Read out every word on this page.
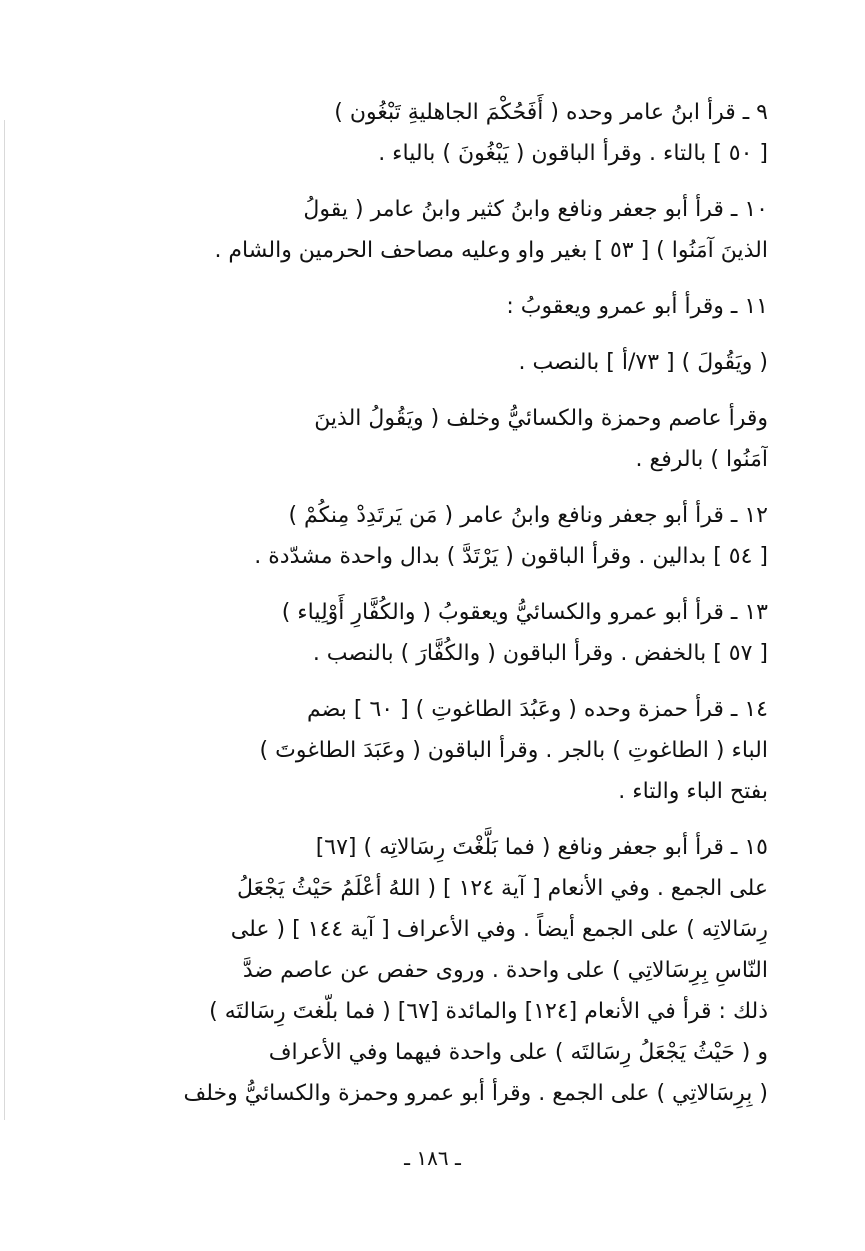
٩ ـ قرأ ابنُ عامر وحده ( أَفَحُكْمَ الجاهليةِ تَبْغُون )
[ ٥٠ ] بالتاء . وقرأ الباقون ( يَبْغُونَ ) بالياء .
١٠ ـ قرأ أبو جعفر ونافع وابنُ كثير وابنُ عامر ( يقولُ
الذينَ آمَنُوا ) [ ٥٣ ] بغير واو وعليه مصاحف الحرمين والشام .
١١ ـ وقرأ أبو عمرو ويعقوبُ :
( ويَقُولَ ) [ ٧٣/أ ] بالنصب .
وقرأ عاصم وحمزة والكسائيُّ وخلف ( ويَقُولُ الذينَ
آمَنُوا ) بالرفع .
١٢ ـ قرأ أبو جعفر ونافع وابنُ عامر ( مَن يَرتَدِدْ مِنكُمْ )
[ ٥٤ ] بدالين . وقرأ الباقون ( يَرْتَدَّ ) بدال واحدة مشدّدة .
١٣ ـ قرأ أبو عمرو والكسائيُّ ويعقوبُ ( والكُفَّارِ أَوْلِياء )
[ ٥٧ ] بالخفض . وقرأ الباقون ( والكُفَّارَ ) بالنصب .
١٤ ـ قرأ حمزة وحده ( وعَبُدَ الطاغوتِ ) [ ٦٠ ] بضم
الباء ( الطاغوتِ ) بالجر . وقرأ الباقون ( وعَبَدَ الطاغوتَ )
بفتح الباء والتاء .
١٥ ـ قرأ أبو جعفر ونافع ( فما بَلَّغْتَ رِسَالاتِه ) [٦٧]
على الجمع . وفي الأنعام [ آية ١٢٤ ] ( اللهُ أعْلَمُ حَيْثُ يَجْعَلُ
رِسَالاتِه ) على الجمع أيضاً . وفي الأعراف [ آية ١٤٤ ] ( على
النّاسِ بِرِسَالاتِي ) على واحدة . وروى حفص عن عاصم ضدَّ
ذلك : قرأ في الأنعام [١٢٤] والمائدة [٦٧] ( فما بلّغتَ رِسَالتَه )
و ( حَيْثُ يَجْعَلُ رِسَالتَه ) على واحدة فيهما وفي الأعراف
( بِرِسَالاتِي ) على الجمع . وقرأ أبو عمرو وحمزة والكسائيُّ وخلف
ـ ١٨٦ ـ
